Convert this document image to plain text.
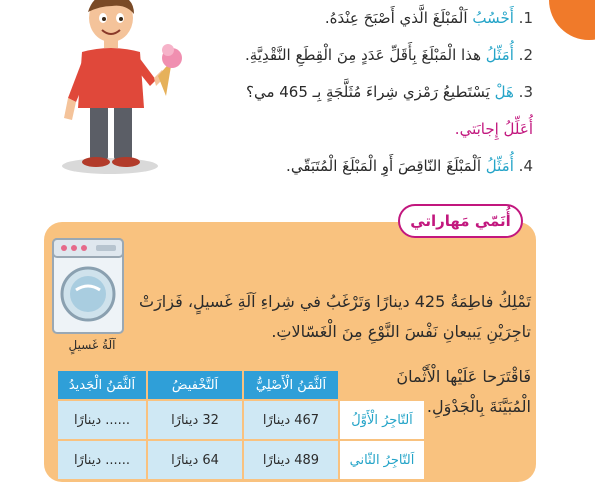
1. أَحْسُبُ اَلْمَبْلَغَ الَّذي أَصْبَحَ عِنْدَهُ.
2. أُمَثِّلُ هذا الْمَبْلَغَ بِأَقَلِّ عَدَدٍ مِنَ الْقِطَعِ النَّقْدِيَّةِ.
3. هَلْ يَسْتَطيعُ رَمْزي شِراءَ مُثَلَّجَةٍ بِـ 465 مي؟
أُعَلِّلُ إِجابَتي.
4. أُمَثِّلُ اَلْمَبْلَغَ النّاقِصَ أَوِ الْمَبْلَغَ الْمُتَبَقّي.
أُنَمّي مَهاراتي
آلَةُ غَسيلٍ
تَمْلِكُ فاطِمَةُ 425 دينارًا وَتَرْغَبُ في شِراءِ آلَةِ غَسيلٍ، فَزارَتْ
تاجِرَيْنِ يَبيعانِ نَفْسَ النَّوْعِ مِنَ الْغَسّالاتِ.
فَاقْتَرَحا عَلَيْها الْأَثْمانَ
الْمُبَيَّنَةَ بِالْجَدْوَلِ.
	اَلثَّمَنُ الْأَصْلِيُّ	اَلتَّخْفيضُ	اَلثَّمَنُ الْجَديدُ
اَلتّاجِرُ الْأَوَّلُ	467 دينارًا	32 دينارًا	...... دينارًا
اَلتّاجِرُ الثّاني	489 دينارًا	64 دينارًا	...... دينارًا
